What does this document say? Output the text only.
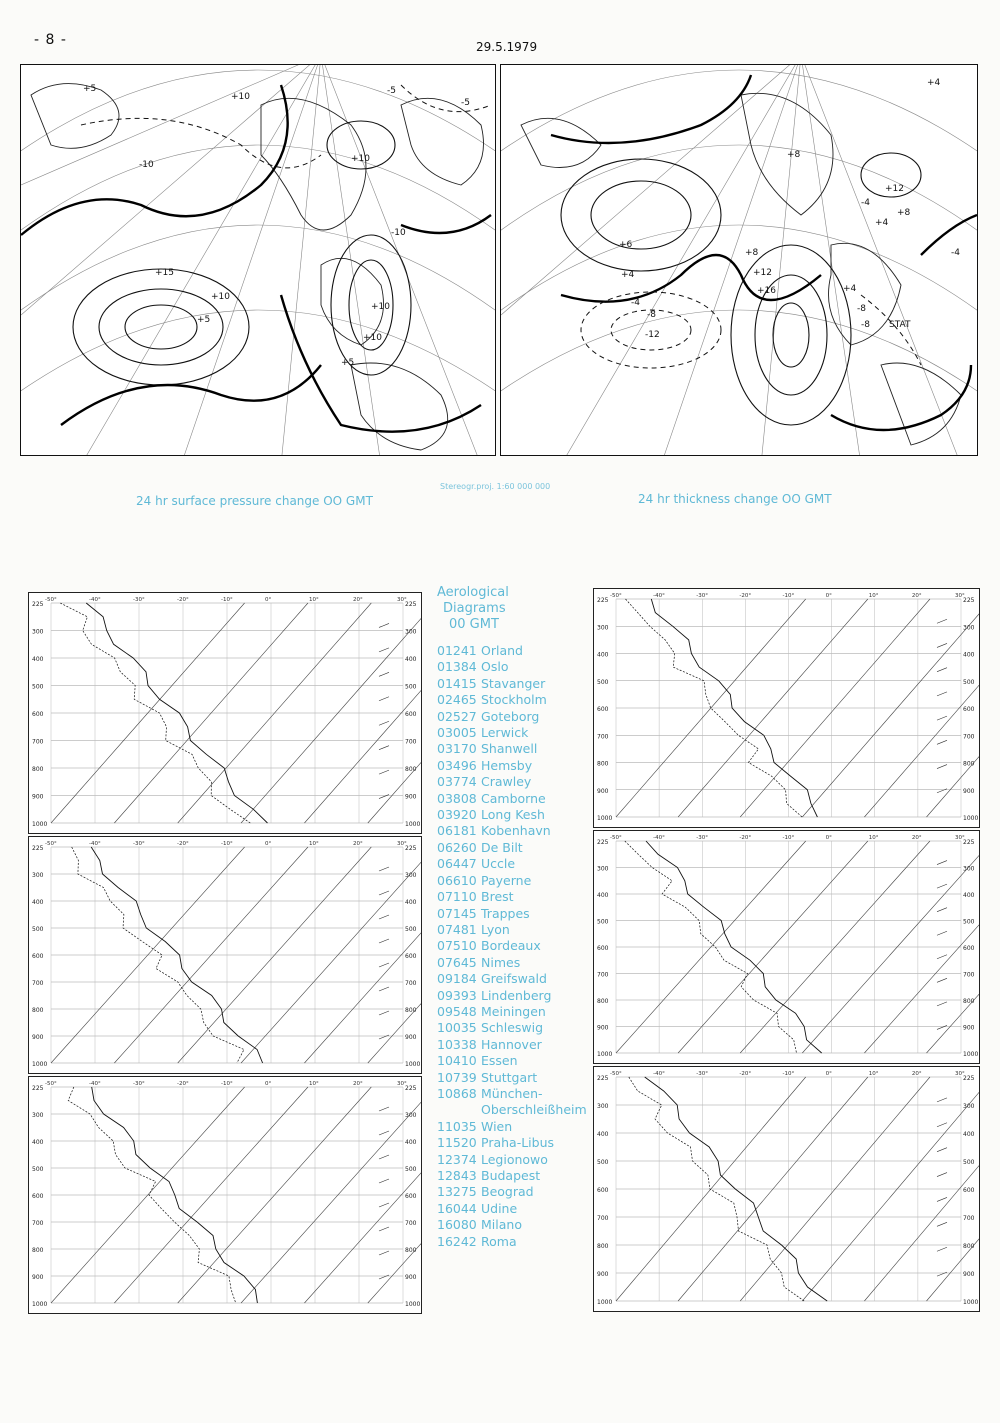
- 8 -	29.5.1979
+5
+10
+15
+10
+5
+10
-5
-10
-5
-10
+10
+5
+10
+4
+8
+12
+8
+6
+4
-4
-8
-12
-4
-8
+16
+12
+8
+4
-4
-8
+4
STAT
24 hr surface pressure change OO GMT
Stereogr.proj. 1:60 000 000
24 hr thickness change OO GMT
225	225
300	300
400	400
500	500
600	600
700	700
800	800
900	900
1000	1000
-50°	-40°	-30°	-20°	-10°	0°	10°	20°	30°
225	225
300	300
400	400
500	500
600	600
700	700
800	800
900	900
1000	1000
-50°	-40°	-30°	-20°	-10°	0°	10°	20°	30°
225	225
300	300
400	400
500	500
600	600
700	700
800	800
900	900
1000	1000
-50°	-40°	-30°	-20°	-10°	0°	10°	20°	30°
225	225
300	300
400	400
500	500
600	600
700	700
800	800
900	900
1000	1000
-50°	-40°	-30°	-20°	-10°	0°	10°	20°	30°
225	225
300	300
400	400
500	500
600	600
700	700
800	800
900	900
1000	1000
-50°	-40°	-30°	-20°	-10°	0°	10°	20°	30°
225	225
300	300
400	400
500	500
600	600
700	700
800	800
900	900
1000	1000
-50°	-40°	-30°	-20°	-10°	0°	10°	20°	30°
Aerological
Diagrams
00 GMT
01241 Orland
01384 Oslo
01415 Stavanger
02465 Stockholm
02527 Goteborg
03005 Lerwick
03170 Shanwell
03496 Hemsby
03774 Crawley
03808 Camborne
03920 Long Kesh
06181 Kobenhavn
06260 De Bilt
06447 Uccle
06610 Payerne
07110 Brest
07145 Trappes
07481 Lyon
07510 Bordeaux
07645 Nimes
09184 Greifswald
09393 Lindenberg
09548 Meiningen
10035 Schleswig
10338 Hannover
10410 Essen
10739 Stuttgart
10868 München-
Oberschleißheim
11035 Wien
11520 Praha-Libus
12374 Legionowo
12843 Budapest
13275 Beograd
16044 Udine
16080 Milano
16242 Roma
